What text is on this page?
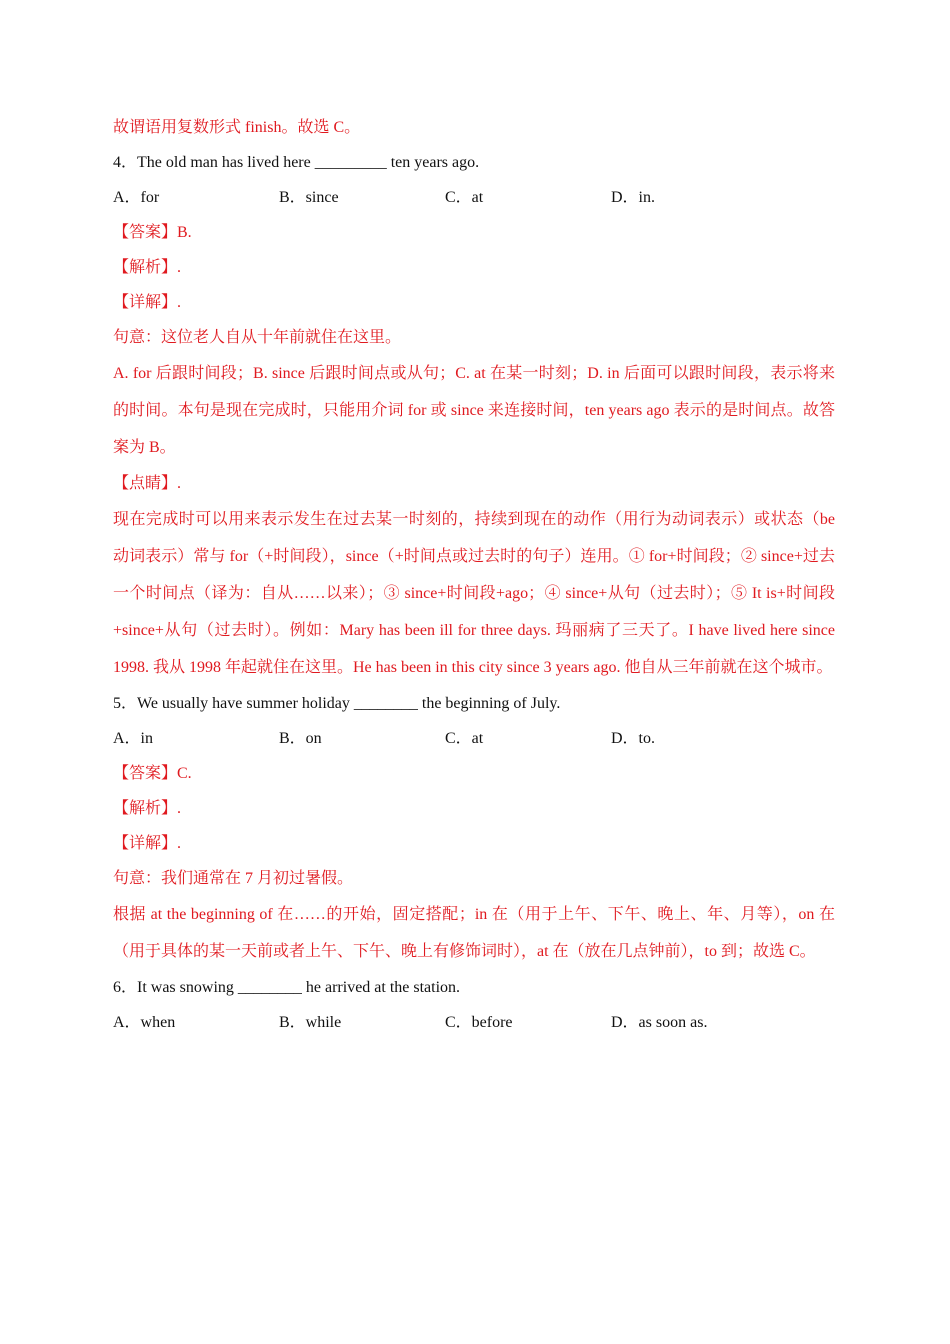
故谓语用复数形式 finish。故选 C。
4．The old man has lived here _________ ten years ago.
A．for	B．since	C．at	D．in.
【答案】B.
【解析】.
【详解】.
句意：这位老人自从十年前就住在这里。

A. for 后跟时间段；B. since 后跟时间点或从句；C. at 在某一时刻；D. in 后面可以跟时间段，表示将来的时间。本句是现在完成时，只能用介词 for 或 since 来连接时间，ten years ago 表示的是时间点。故答案为 B。

【点睛】.

现在完成时可以用来表示发生在过去某一时刻的，持续到现在的动作（用行为动词表示）或状态（be 动词表示）常与 for（+时间段），since（+时间点或过去时的句子）连用。① for+时间段；② since+过去一个时间点（译为：自从……以来）；③ since+时间段+ago；④ since+从句（过去时）；⑤ It is+时间段+since+从句（过去时）。例如：Mary has been ill for three days. 玛丽病了三天了。I have lived here since 1998. 我从 1998 年起就住在这里。He has been in this city since 3 years ago. 他自从三年前就在这个城市。

5．We usually have summer holiday ________ the beginning of July.
A．in	B．on	C．at	D．to.
【答案】C.
【解析】.
【详解】.
句意：我们通常在 7 月初过暑假。

根据 at the beginning of 在……的开始，固定搭配；in 在（用于上午、下午、晚上、年、月等），on 在（用于具体的某一天前或者上午、下午、晚上有修饰词时），at 在（放在几点钟前），to 到；故选 C。

6．It was snowing ________ he arrived at the station.
A．when	B．while	C．before	D．as soon as.
